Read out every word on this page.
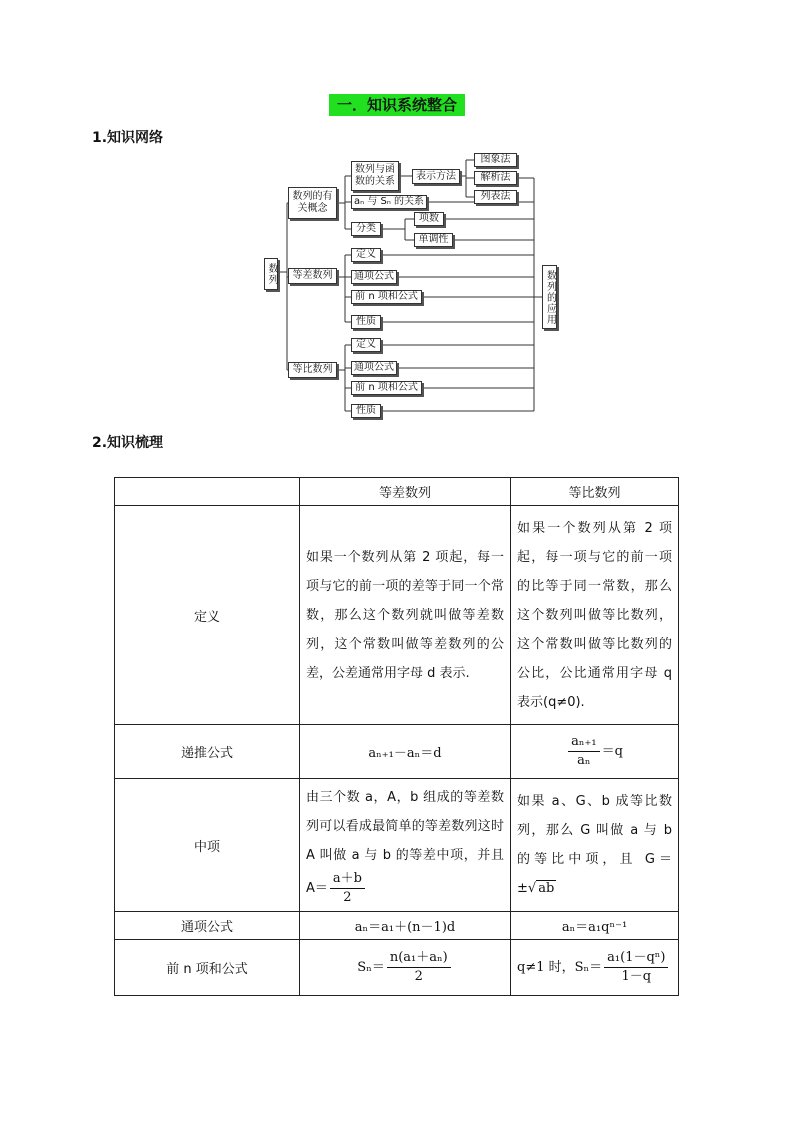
一．知识系统整合
1.知识网络
数列
数列的有关概念
等差数列
等比数列
数列与函数的关系	表示方法
图象法
解析法
列表法
aₙ 与 Sₙ 的关系
分类
项数
单调性
定义
通项公式
前 n 项和公式
性质
定义
通项公式
前 n 项和公式
性质
数列的应用
2.知识梳理
	等差数列	等比数列
定义	如果一个数列从第 2 项起，每一项与它的前一项的差等于同一个常数，那么这个数列就叫做等差数列，这个常数叫做等差数列的公差，公差通常用字母 d 表示.	如果一个数列从第 2 项起，每一项与它的前一项的比等于同一常数，那么这个数列叫做等比数列，这个常数叫做等比数列的公比，公比通常用字母 q 表示(q≠0).
递推公式	aₙ₊₁－aₙ＝d	$\frac{\text{aₙ₊₁}}{\text{aₙ}} =q$
中项	由三个数 a，A，b 组成的等差数列可以看成最简单的等差数列这时 A 叫做 a 与 b 的等差中项，并且 $A= \frac{a+b}{2}$	如果 a、G、b 成等比数列，那么 G 叫做 a 与 b 的等比中项，且 G＝±√ ab
通项公式	aₙ＝a₁＋(n－1)d	aₙ＝a₁qⁿ⁻¹
前 n 项和公式	$S_n= \frac{\text{n(a₁＋aₙ)}}{2}$	q≠1 时，$S_n= \frac{\text{a₁(1－qⁿ)}}{1-q}$
